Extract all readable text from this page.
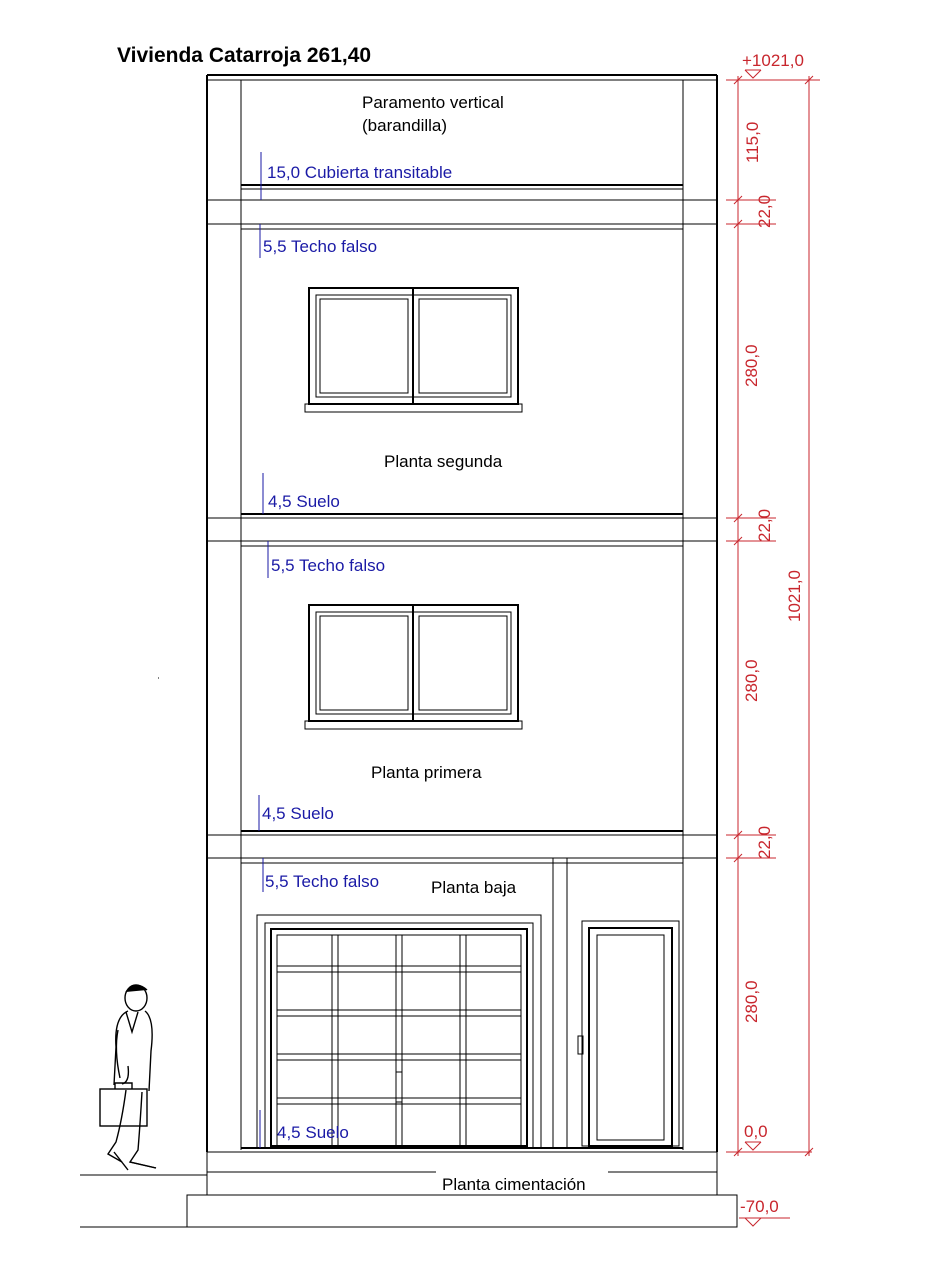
Vivienda Catarroja 261,40
Paramento vertical
(barandilla)
15,0 Cubierta transitable
5,5 Techo falso
Planta segunda
4,5 Suelo
5,5 Techo falso
Planta primera
4,5 Suelo
5,5 Techo falso	Planta baja
4,5 Suelo
Planta cimentación
+1021,0
115,0
22,0
280,0
22,0
280,0
22,0
280,0
0,0
-70,0
1021,0
